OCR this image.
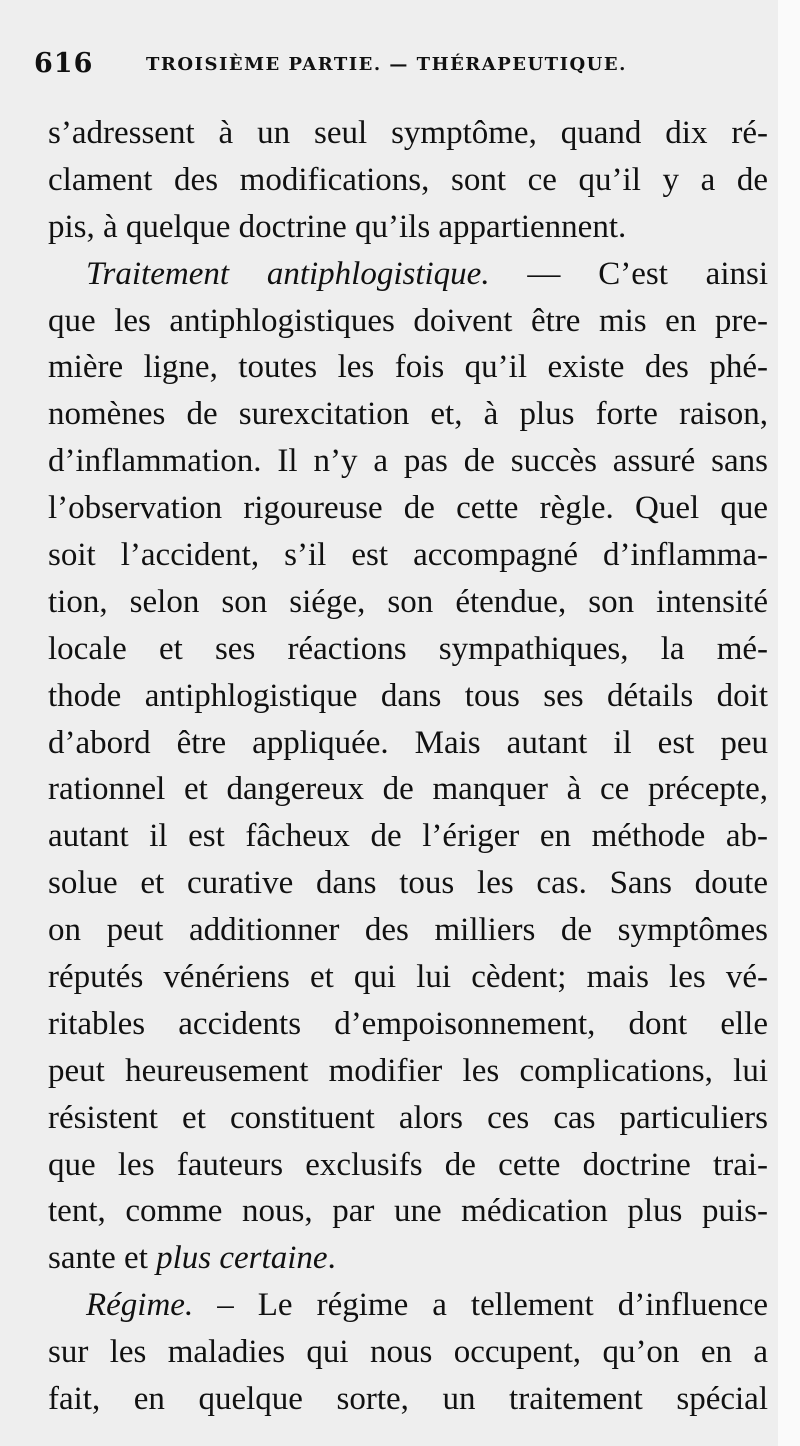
616	TROISIÈME PARTIE. — THÉRAPEUTIQUE.
s’adressent à un seul symptôme, quand dix ré-
clament des modifications, sont ce qu’il y a de
pis, à quelque doctrine qu’ils appartiennent.
Traitement antiphlogistique. — C’est ainsi
que les antiphlogistiques doivent être mis en pre-
mière ligne, toutes les fois qu’il existe des phé-
nomènes de surexcitation et, à plus forte raison,
d’inflammation. Il n’y a pas de succès assuré sans
l’observation rigoureuse de cette règle. Quel que
soit l’accident, s’il est accompagné d’inflamma-
tion, selon son siége, son étendue, son intensité
locale et ses réactions sympathiques, la mé-
thode antiphlogistique dans tous ses détails doit
d’abord être appliquée. Mais autant il est peu
rationnel et dangereux de manquer à ce précepte,
autant il est fâcheux de l’ériger en méthode ab-
solue et curative dans tous les cas. Sans doute
on peut additionner des milliers de symptômes
réputés vénériens et qui lui cèdent; mais les vé-
ritables accidents d’empoisonnement, dont elle
peut heureusement modifier les complications, lui
résistent et constituent alors ces cas particuliers
que les fauteurs exclusifs de cette doctrine trai-
tent, comme nous, par une médication plus puis-
sante et plus certaine.
Régime. – Le régime a tellement d’influence
sur les maladies qui nous occupent, qu’on en a
fait, en quelque sorte, un traitement spécial
